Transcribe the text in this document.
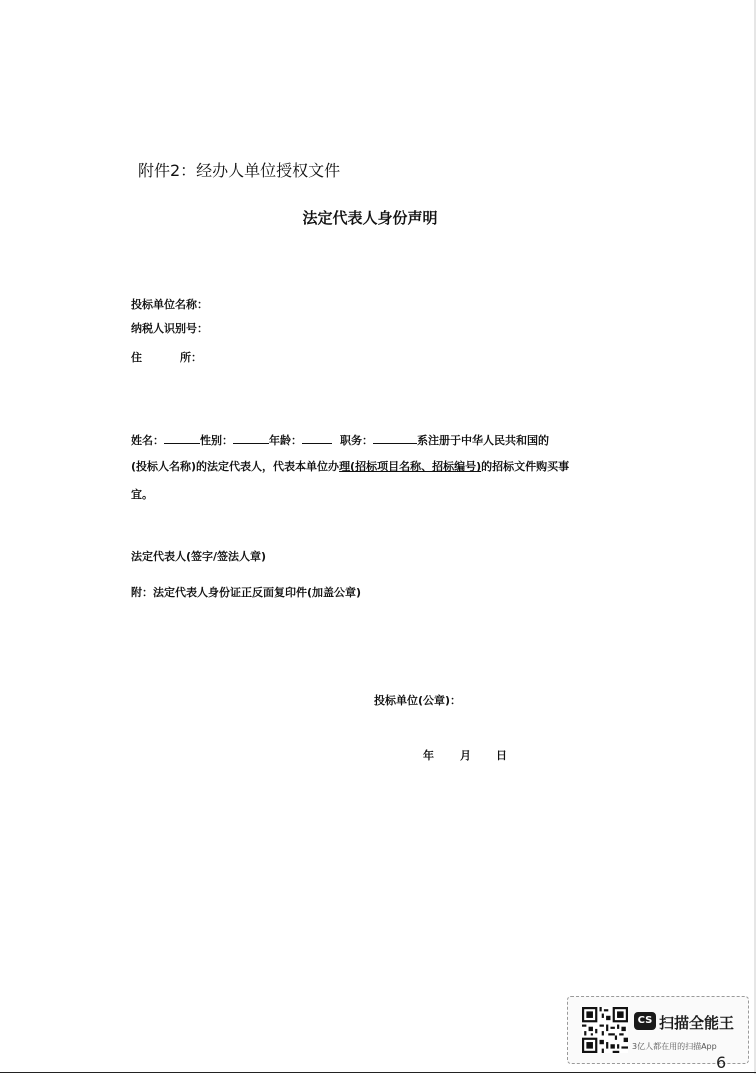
附件2：经办人单位授权文件
法定代表人身份声明
投标单位名称：
纳税人识别号：
住	所：
姓名：	性别：	年龄：	职务：	系注册于中华人民共和国的
(投标人名称)的法定代表人，代表本单位办理(招标项目名称、招标编号)的招标文件购买事
宜。
法定代表人(签字/签法人章)
附：法定代表人身份证正反面复印件(加盖公章)
投标单位(公章)：
年 月 日
CS 扫描全能王
3亿人都在用的扫描App
6
